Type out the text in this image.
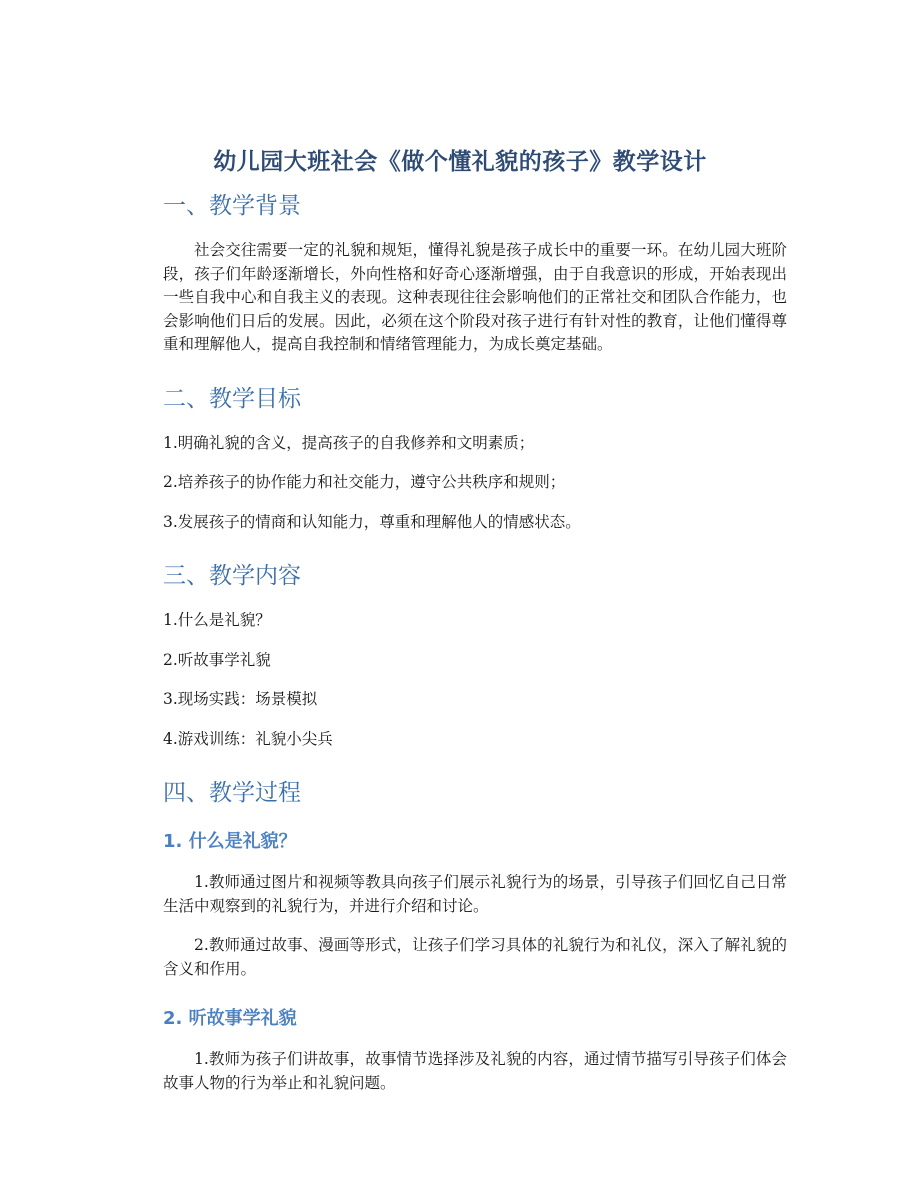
幼儿园大班社会《做个懂礼貌的孩子》教学设计
一、教学背景

社会交往需要一定的礼貌和规矩，懂得礼貌是孩子成长中的重要一环。在幼儿园大班阶段，孩子们年龄逐渐增长，外向性格和好奇心逐渐增强，由于自我意识的形成，开始表现出一些自我中心和自我主义的表现。这种表现往往会影响他们的正常社交和团队合作能力，也会影响他们日后的发展。因此，必须在这个阶段对孩子进行有针对性的教育，让他们懂得尊重和理解他人，提高自我控制和情绪管理能力，为成长奠定基础。

二、教学目标

1.明确礼貌的含义，提高孩子的自我修养和文明素质；

2.培养孩子的协作能力和社交能力，遵守公共秩序和规则；

3.发展孩子的情商和认知能力，尊重和理解他人的情感状态。

三、教学内容

1.什么是礼貌？

2.听故事学礼貌

3.现场实践：场景模拟

4.游戏训练：礼貌小尖兵

四、教学过程
1. 什么是礼貌？

1.教师通过图片和视频等教具向孩子们展示礼貌行为的场景，引导孩子们回忆自己日常生活中观察到的礼貌行为，并进行介绍和讨论。

2.教师通过故事、漫画等形式，让孩子们学习具体的礼貌行为和礼仪，深入了解礼貌的含义和作用。

2. 听故事学礼貌

1.教师为孩子们讲故事，故事情节选择涉及礼貌的内容，通过情节描写引导孩子们体会故事人物的行为举止和礼貌问题。
